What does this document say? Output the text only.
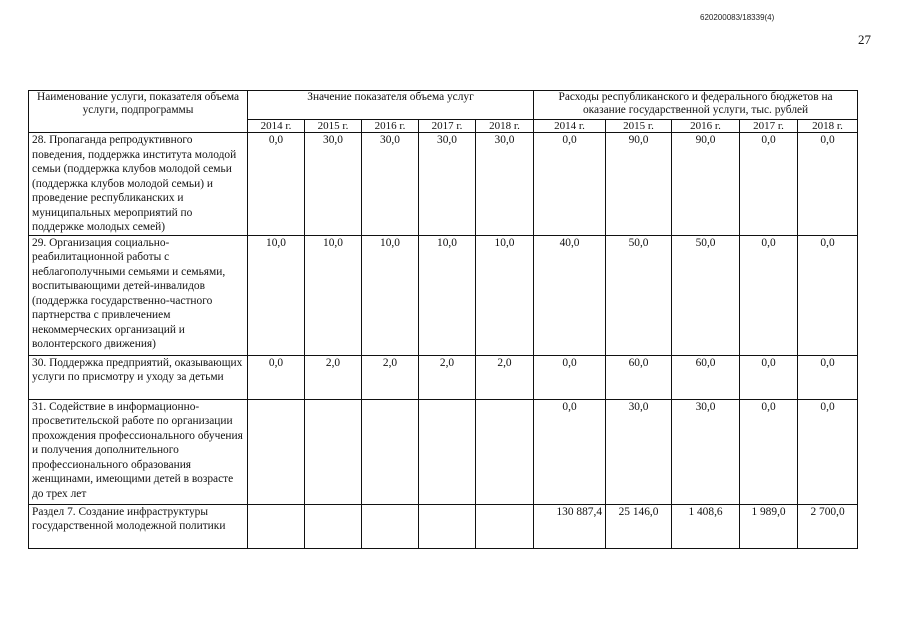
620200083/18339(4)
27
Наименование услуги, показателя объема услуги, подпрограммы	Значение показателя объема услуг					Расходы республиканского и федерального бюджетов на оказание государственной услуги, тыс. рублей				
	2014 г.	2015 г.	2016 г.	2017 г.	2018 г.	2014 г.	2015 г.	2016 г.	2017 г.	2018 г.
28. Пропаганда репродуктивного поведения, поддержка института молодой семьи (поддержка клубов молодой семьи (поддержка клубов молодой семьи) и проведение республиканских и муниципальных мероприятий по поддержке молодых семей)	0,0	30,0	30,0	30,0	30,0	0,0	90,0	90,0	0,0	0,0
29. Организация социально-реабилитационной работы с неблагополучными семьями и семьями, воспитывающими детей-инвалидов (поддержка государственно-частного партнерства с привлечением некоммерческих организаций и волонтерского движения)	10,0	10,0	10,0	10,0	10,0	40,0	50,0	50,0	0,0	0,0
30. Поддержка предприятий, оказывающих услуги по присмотру и уходу за детьми	0,0	2,0	2,0	2,0	2,0	0,0	60,0	60,0	0,0	0,0
31. Содействие в информационно-просветительской работе по организации прохождения профессионального обучения и получения дополнительного профессионального образования женщинами, имеющими детей в возрасте до трех лет						0,0	30,0	30,0	0,0	0,0
Раздел 7. Создание инфраструктуры государственной молодежной политики						130 887,4	25 146,0	1 408,6	1 989,0	2 700,0
